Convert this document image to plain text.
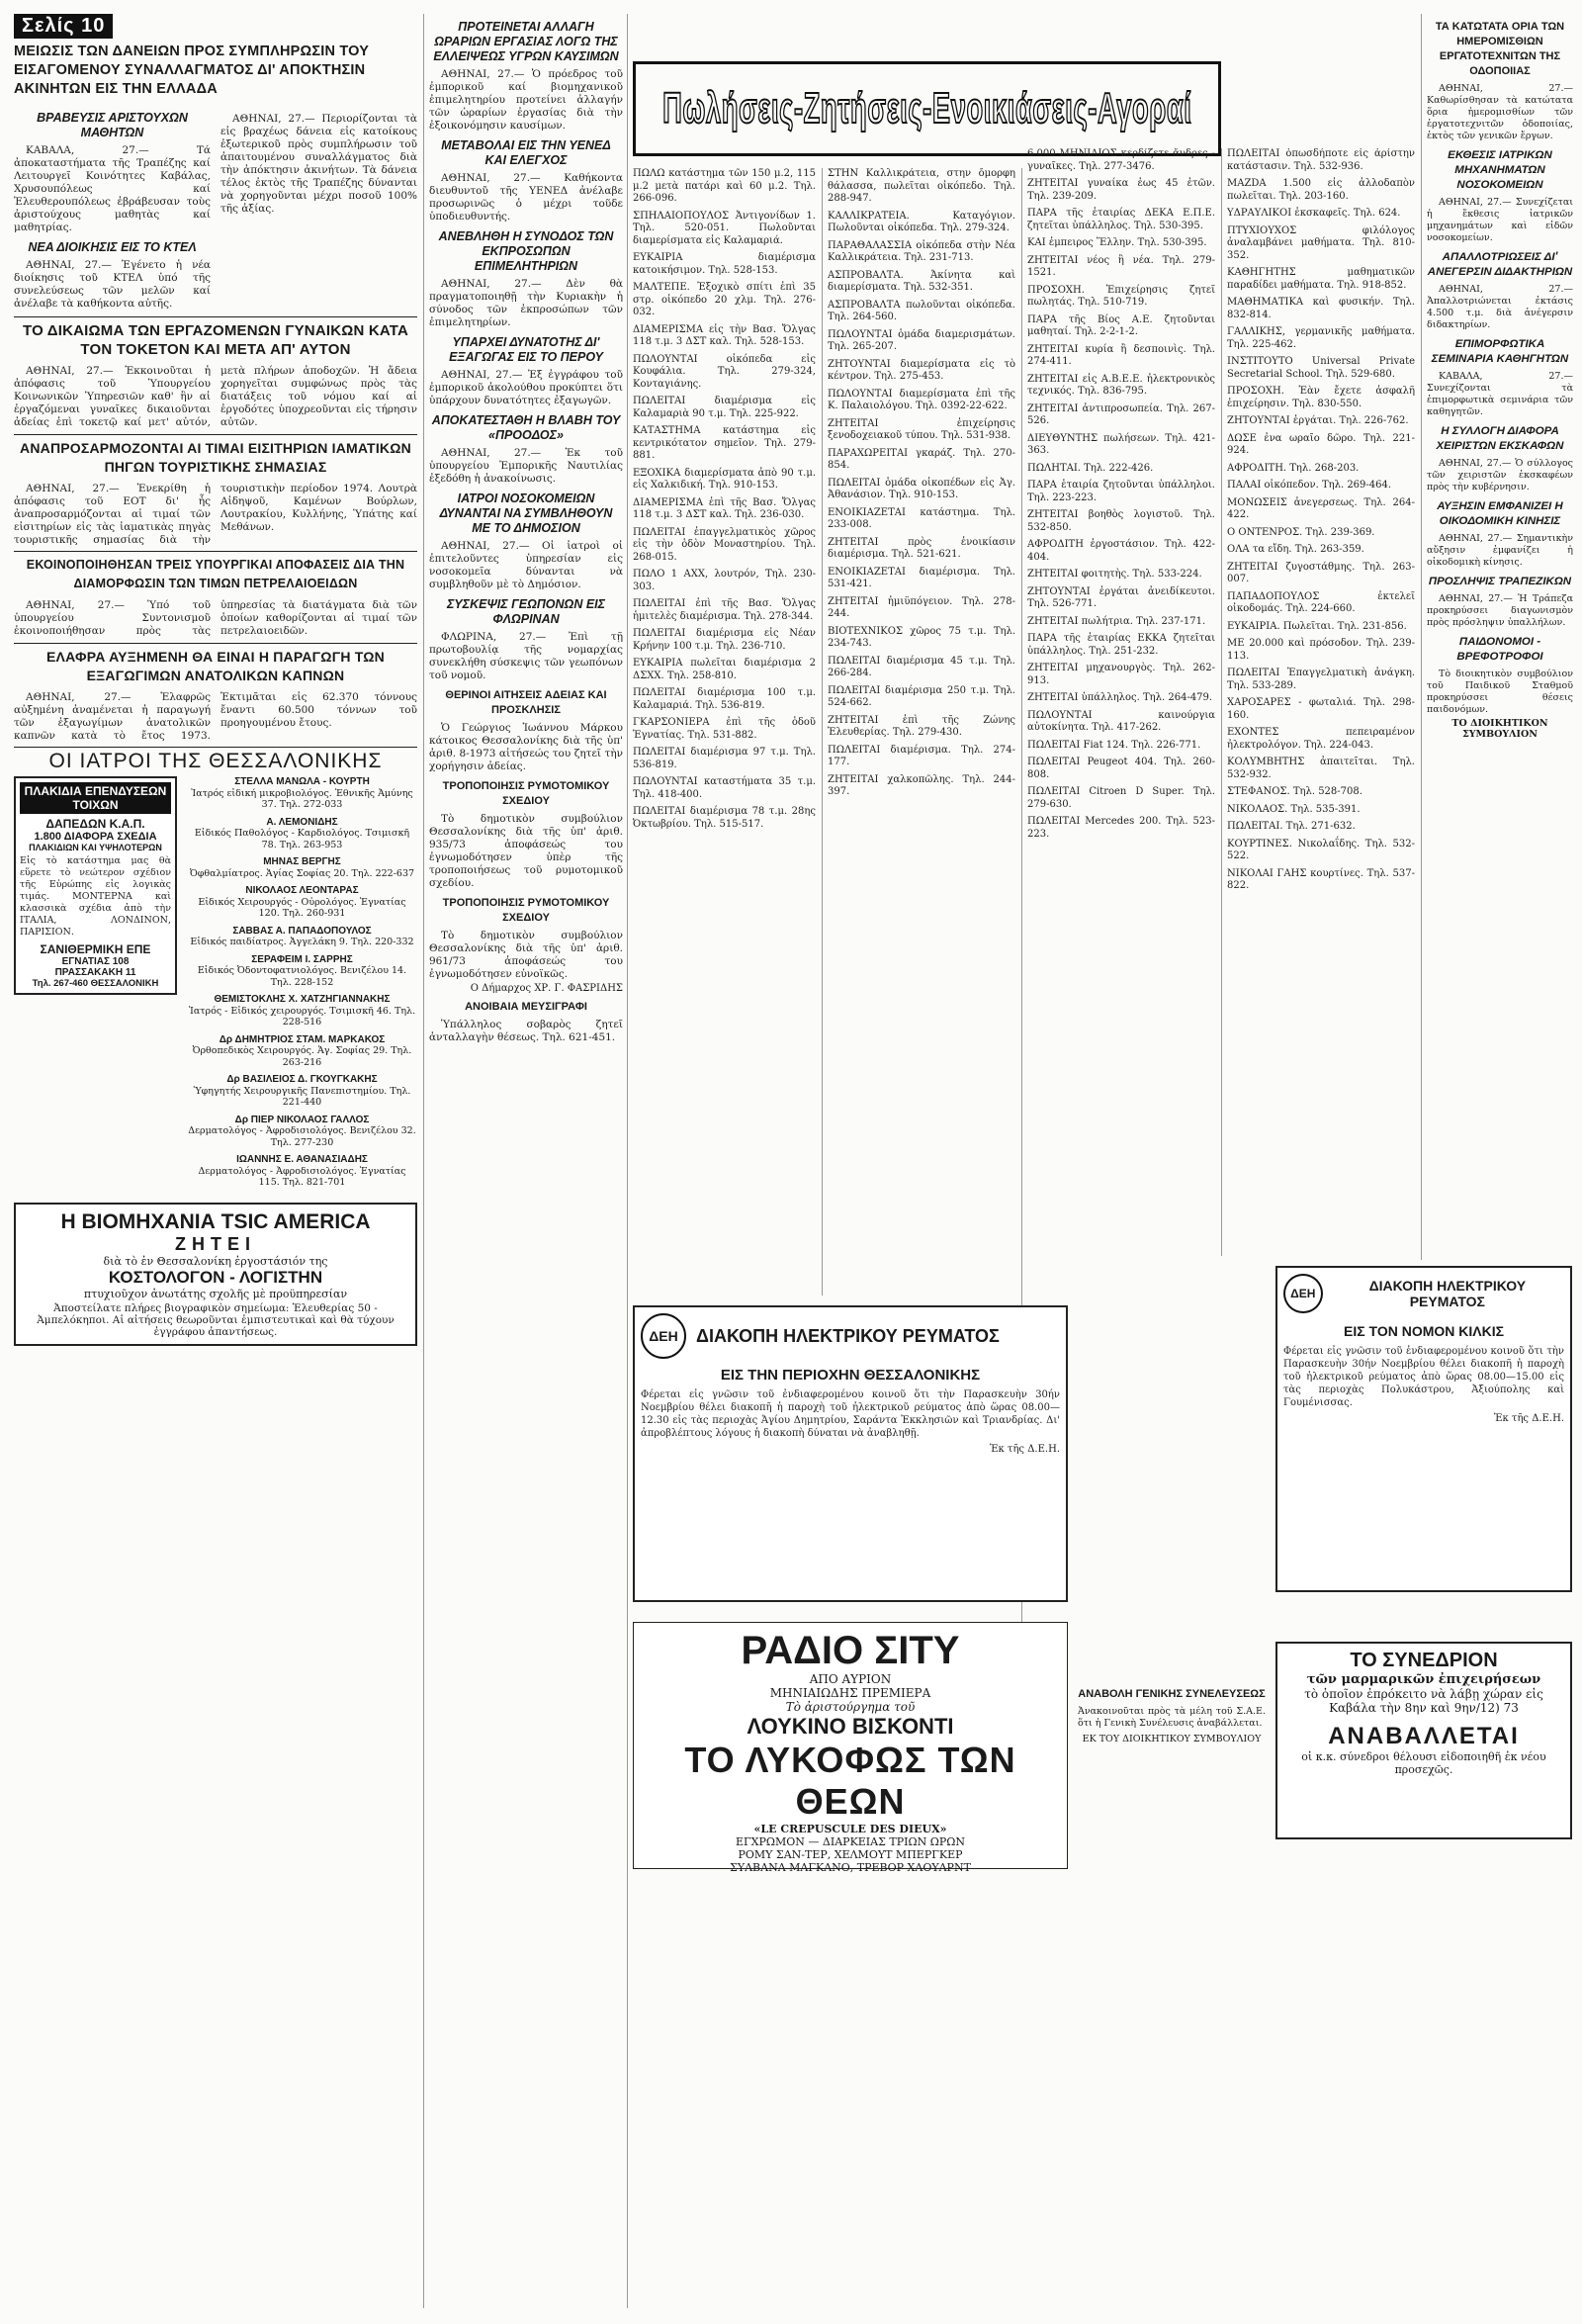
Σελίς 10
ΜΕΙΩΣΙΣ ΤΩΝ ΔΑΝΕΙΩΝ ΠΡΟΣ ΣΥΜΠΛΗΡΩΣΙΝ ΤΟΥ ΕΙΣΑΓΟΜΕΝΟΥ ΣΥΝΑΛΛΑΓΜΑΤΟΣ ΔΙ' ΑΠΟΚΤΗΣΙΝ ΑΚΙΝΗΤΩΝ ΕΙΣ ΤΗΝ ΕΛΛΑΔΑ
ΒΡΑΒΕΥΣΙΣ ΑΡΙΣΤΟΥΧΩΝ ΜΑΘΗΤΩΝ

ΚΑΒΑΛΑ, 27.— Τά ἀποκαταστήματα τῆς Τραπέζης καί Λειτουργεῖ Κοινότητες Καβάλας, Χρυσουπόλεως καί Ἐλευθερουπόλεως ἐβράβευσαν τοὺς ἀριστούχους μαθητὰς καί μαθητρίας.

ΝΕΑ ΔΙΟΙΚΗΣΙΣ ΕΙΣ ΤΟ ΚΤΕΛ

ΑΘΗΝΑΙ, 27.— Ἐγένετο ἡ νέα διοίκησις τοῦ ΚΤΕΛ ὑπό τῆς συνελεύσεως τῶν μελῶν καί ἀνέλαβε τὰ καθήκοντα αὐτῆς.

ΑΘΗΝΑΙ, 27.— Περιορίζονται τὰ εἰς βραχέως δάνεια εἰς κατοίκους ἐξωτερικοῦ πρὸς συμπλήρωσιν τοῦ ἀπαιτουμένου συναλλάγματος διὰ τὴν ἀπόκτησιν ἀκινήτων. Τὰ δάνεια τέλος ἐκτὸς τῆς Τραπέζης δύνανται νὰ χορηγοῦνται μέχρι ποσοῦ 100% τῆς ἀξίας.

ΤΟ ΔΙΚΑΙΩΜΑ ΤΩΝ ΕΡΓΑΖΟΜΕΝΩΝ ΓΥΝΑΙΚΩΝ ΚΑΤΑ ΤΟΝ ΤΟΚΕΤΟΝ ΚΑΙ ΜΕΤΑ ΑΠ' ΑΥΤΟΝ

ΑΘΗΝΑΙ, 27.— Ἐκκοινοῦται ἡ ἀπόφασις τοῦ Ὑπουργείου Κοινωνικῶν Ὑπηρεσιῶν καθ' ἣν αἱ ἐργαζόμεναι γυναῖκες δικαιοῦνται ἀδείας ἐπὶ τοκετῷ καί μετ' αὐτόν, μετὰ πλήρων ἀποδοχῶν. Ἡ ἄδεια χορηγεῖται συμφώνως πρὸς τὰς διατάξεις τοῦ νόμου καί αἱ ἐργοδότες ὑποχρεοῦνται εἰς τήρησιν αὐτῶν.

ΑΝΑΠΡΟΣΑΡΜΟΖΟΝΤΑΙ ΑΙ ΤΙΜΑΙ ΕΙΣΙΤΗΡΙΩΝ ΙΑΜΑΤΙΚΩΝ ΠΗΓΩΝ ΤΟΥΡΙΣΤΙΚΗΣ ΣΗΜΑΣΙΑΣ

ΑΘΗΝΑΙ, 27.— Ἐνεκρίθη ἡ ἀπόφασις τοῦ ΕΟΤ δι' ἧς ἀναπροσαρμόζονται αἱ τιμαί τῶν εἰσιτηρίων εἰς τὰς ἰαματικὰς πηγὰς τουριστικῆς σημασίας διὰ τὴν τουριστικὴν περίοδον 1974. Λουτρὰ Αἰδηψοῦ, Καμένων Βούρλων, Λουτρακίου, Κυλλήνης, Ὑπάτης καί Μεθάνων.

ΕΚΟΙΝΟΠΟΙΗΘΗΣΑΝ ΤΡΕΙΣ ΥΠΟΥΡΓΙΚΑΙ ΑΠΟΦΑΣΕΙΣ ΔΙΑ ΤΗΝ ΔΙΑΜΟΡΦΩΣΙΝ ΤΩΝ ΤΙΜΩΝ ΠΕΤΡΕΛΑΙΟΕΙΔΩΝ

ΑΘΗΝΑΙ, 27.— Ὑπό τοῦ ὑπουργείου Συντονισμοῦ ἐκοινοποιήθησαν πρὸς τὰς ὑπηρεσίας τὰ διατάγματα διὰ τῶν ὁποίων καθορίζονται αἱ τιμαί τῶν πετρελαιοειδῶν.

ΕΛΑΦΡΑ ΑΥΞΗΜΕΝΗ ΘΑ ΕΙΝΑΙ Η ΠΑΡΑΓΩΓΗ ΤΩΝ ΕΞΑΓΩΓΙΜΩΝ ΑΝΑΤΟΛΙΚΩΝ ΚΑΠΝΩΝ

ΑΘΗΝΑΙ, 27.— Ἐλαφρῶς αὐξημένη ἀναμένεται ἡ παραγωγή τῶν ἐξαγωγίμων ἀνατολικῶν καπνῶν κατὰ τὸ ἔτος 1973. Ἐκτιμᾶται εἰς 62.370 τόννους ἔναντι 60.500 τόννων τοῦ προηγουμένου ἔτους.

ΟΙ ΙΑΤΡΟΙ ΤΗΣ ΘΕΣΣΑΛΟΝΙΚΗΣ
ΠΛΑΚΙΔΙΑ ΕΠΕΝΔΥΣΕΩΝ ΤΟΙΧΩΝ
ΔΑΠΕΔΩΝ Κ.Α.Π.
1.800 ΔΙΑΦΟΡΑ ΣΧΕΔΙΑ
ΠΛΑΚΙΔΙΩΝ ΚΑΙ ΥΨΗΛΟΤΕΡΩΝ
Εἰς τὸ κατάστημα μας θὰ εὕρετε τὸ νεώτερον σχέδιον τῆς Εὐρώπης εἰς λογικὰς τιμάς. ΜΟΝΤΕΡΝΑ καὶ κλασσικὰ σχέδια ἀπὸ τὴν ΙΤΑΛΙΑ, ΛΟΝΔΙΝΟΝ, ΠΑΡΙΣΙΟΝ.
ΣΑΝΙΘΕΡΜΙΚΗ ΕΠΕ
ΕΓΝΑΤΙΑΣ 108
ΠΡΑΣΣΑΚΑΚΗ 11
Τηλ. 267-460 ΘΕΣΣΑΛΟΝΙΚΗ
ΣΤΕΛΛΑ ΜΑΝΩΛΑ - ΚΟΥΡΤΗ
Ἰατρός εἰδική μικροβιολόγος. Ἐθνικῆς Ἀμύνης 37. Τηλ. 272-033
Α. ΛΕΜΟΝΙΔΗΣ
Εἰδικός Παθολόγος - Καρδιολόγος. Τσιμισκῆ 78. Τηλ. 263-953
ΜΗΝΑΣ ΒΕΡΓΗΣ
Ὀφθαλμίατρος. Ἁγίας Σοφίας 20. Τηλ. 222-637
ΝΙΚΟΛΑΟΣ ΛΕΟΝΤΑΡΑΣ
Εἰδικός Χειρουργός - Οὐρολόγος. Ἐγνατίας 120. Τηλ. 260-931
ΣΑΒΒΑΣ Α. ΠΑΠΑΔΟΠΟΥΛΟΣ
Εἰδικός παιδίατρος. Ἀγγελάκη 9. Τηλ. 220-332
ΣΕΡΑΦΕΙΜ Ι. ΣΑΡΡΗΣ
Εἰδικός Ὀδοντοφατνιολόγος. Βενιζέλου 14. Τηλ. 228-152
ΘΕΜΙΣΤΟΚΛΗΣ Χ. ΧΑΤΖΗΓΙΑΝΝΑΚΗΣ
Ἰατρός - Εἰδικός χειρουργός. Τσιμισκῆ 46. Τηλ. 228-516
Δρ ΔΗΜΗΤΡΙΟΣ ΣΤΑΜ. ΜΑΡΚΑΚΟΣ
Ὀρθοπεδικὸς Χειρουργός. Ἁγ. Σοφίας 29. Τηλ. 263-216
Δρ ΒΑΣΙΛΕΙΟΣ Δ. ΓΚΟΥΓΚΑΚΗΣ
Ὑφηγητής Χειρουργικῆς Πανεπιστημίου. Τηλ. 221-440
Δρ ΠΙΕΡ ΝΙΚΟΛΑΟΣ ΓΑΛΛΟΣ
Δερματολόγος - Ἀφροδισιολόγος. Βενιζέλου 32. Τηλ. 277-230
ΙΩΑΝΝΗΣ Ε. ΑΘΑΝΑΣΙΑΔΗΣ
Δερματολόγος - Ἀφροδισιολόγος. Ἐγνατίας 115. Τηλ. 821-701
Η ΒΙΟΜΗΧΑΝΙΑ TSIC AMERICA
ΖΗΤΕΙ
διὰ τὸ ἐν Θεσσαλονίκη ἐργοστάσιόν της
ΚΟΣΤΟΛΟΓΟΝ - ΛΟΓΙΣΤΗΝ
πτυχιοῦχον ἀνωτάτης σχολῆς μὲ προϋπηρεσίαν
Ἀποστείλατε πλήρες βιογραφικὸν σημείωμα: Ἐλευθερίας 50 - Ἀμπελόκηποι. Αἱ αἰτήσεις θεωροῦνται ἐμπιστευτικαὶ καὶ θὰ τύχουν ἐγγράφου ἀπαντήσεως.
ΠΡΟΤΕΙΝΕΤΑΙ ΑΛΛΑΓΗ ΩΡΑΡΙΩΝ ΕΡΓΑΣΙΑΣ ΛΟΓΩ ΤΗΣ ΕΛΛΕΙΨΕΩΣ ΥΓΡΩΝ ΚΑΥΣΙΜΩΝ

ΑΘΗΝΑΙ, 27.— Ὁ πρόεδρος τοῦ ἐμπορικοῦ καί βιομηχανικοῦ ἐπιμελητηρίου προτείνει ἀλλαγήν τῶν ὡραρίων ἐργασίας διὰ τὴν ἐξοικονόμησιν καυσίμων.

ΜΕΤΑΒΟΛΑΙ ΕΙΣ ΤΗΝ ΥΕΝΕΔ ΚΑΙ ΕΛΕΓΧΟΣ

ΑΘΗΝΑΙ, 27.— Καθήκοντα διευθυντοῦ τῆς ΥΕΝΕΔ ἀνέλαβε προσωρινῶς ὁ μέχρι τοῦδε ὑποδιευθυντής.

ΑΝΕΒΛΗΘΗ Η ΣΥΝΟΔΟΣ ΤΩΝ ΕΚΠΡΟΣΩΠΩΝ ΕΠΙΜΕΛΗΤΗΡΙΩΝ

ΑΘΗΝΑΙ, 27.— Δὲν θὰ πραγματοποιηθῇ τὴν Κυριακὴν ἡ σύνοδος τῶν ἐκπροσώπων τῶν ἐπιμελητηρίων.

ΥΠΑΡΧΕΙ ΔΥΝΑΤΟΤΗΣ ΔΙ' ΕΞΑΓΩΓΑΣ ΕΙΣ ΤΟ ΠΕΡΟΥ

ΑΘΗΝΑΙ, 27.— Ἐξ ἐγγράφου τοῦ ἐμπορικοῦ ἀκολούθου προκύπτει ὅτι ὑπάρχουν δυνατότητες ἐξαγωγῶν.

ΑΠΟΚΑΤΕΣΤΑΘΗ Η ΒΛΑΒΗ ΤΟΥ «ΠΡΟΟΔΟΣ»

ΑΘΗΝΑΙ, 27.— Ἐκ τοῦ ὑπουργείου Ἐμπορικῆς Ναυτιλίας ἐξεδόθη ἡ ἀνακοίνωσις.

ΙΑΤΡΟΙ ΝΟΣΟΚΟΜΕΙΩΝ ΔΥΝΑΝΤΑΙ ΝΑ ΣΥΜΒΛΗΘΟΥΝ ΜΕ ΤΟ ΔΗΜΟΣΙΟΝ

ΑΘΗΝΑΙ, 27.— Οἱ ἰατροὶ οἱ ἐπιτελοῦντες ὑπηρεσίαν εἰς νοσοκομεῖα δύνανται νὰ συμβληθοῦν μὲ τὸ Δημόσιον.

ΣΥΣΚΕΨΙΣ ΓΕΩΠΟΝΩΝ ΕΙΣ ΦΛΩΡΙΝΑΝ

ΦΛΩΡΙΝΑ, 27.— Ἐπὶ τῇ πρωτοβουλίᾳ τῆς νομαρχίας συνεκλήθη σύσκεψις τῶν γεωπόνων τοῦ νομοῦ.

ΘΕΡΙΝΟΙ ΑΙΤΗΣΕΙΣ ΑΔΕΙΑΣ ΚΑΙ ΠΡΟΣΚΛΗΣΙΣ

Ὁ Γεώργιος Ἰωάννου Μάρκου κάτοικος Θεσσαλονίκης διὰ τῆς ὑπ' ἀριθ. 8-1973 αἰτήσεώς του ζητεῖ τὴν χορήγησιν ἀδείας.

ΤΡΟΠΟΠΟΙΗΣΙΣ ΡΥΜΟΤΟΜΙΚΟΥ ΣΧΕΔΙΟΥ

Τὸ δημοτικὸν συμβούλιον Θεσσαλονίκης διὰ τῆς ὑπ' ἀριθ. 935/73 ἀποφάσεώς του ἐγνωμοδότησεν ὑπὲρ τῆς τροποποιήσεως τοῦ ρυμοτομικοῦ σχεδίου.

ΤΡΟΠΟΠΟΙΗΣΙΣ ΡΥΜΟΤΟΜΙΚΟΥ ΣΧΕΔΙΟΥ

Τὸ δημοτικὸν συμβούλιον Θεσσαλονίκης διὰ τῆς ὑπ' ἀριθ. 961/73 ἀποφάσεώς του ἐγνωμοδότησεν εὐνοϊκῶς.

Ο Δήμαρχος ΧΡ. Γ. ΦΑΣΡΙΔΗΣ
ΑΝΟΙΒΑΙΑ ΜΕΥΣΙΓΡΑΦΙ

Ὑπάλληλος σοβαρὸς ζητεῖ ἀνταλλαγὴν θέσεως. Τηλ. 621-451.

Πωλήσεις-Ζητήσεις-Ενοικιάσεις-Αγοραί
ΠΩΛΩ κατάστημα τῶν 150 μ.2, 115 μ.2 μετὰ πατάρι καὶ 60 μ.2. Τηλ. 266-096.
ΣΠΗΛΑΙΟΠΟΥΛΟΣ Ἀντιγονίδων 1. Τηλ. 520-051. Πωλοῦνται διαμερίσματα εἰς Καλαμαριά.
ΕΥΚΑΙΡΙΑ διαμέρισμα κατοικήσιμον. Τηλ. 528-153.
ΜΑΛΤΕΠΕ. Ἐξοχικὸ σπίτι ἐπὶ 35 στρ. οἰκόπεδο 20 χλμ. Τηλ. 276-032.
ΔΙΑΜΕΡΙΣΜΑ εἰς τὴν Βασ. Ὄλγας 118 τ.μ. 3 ΔΣΤ καλ. Τηλ. 528-153.
ΠΩΛΟΥΝΤΑΙ οἰκόπεδα εἰς Κουφάλια. Τηλ. 279-324, Κονταγιάνης.
ΠΩΛΕΙΤΑΙ διαμέρισμα εἰς Καλαμαριὰ 90 τ.μ. Τηλ. 225-922.
ΚΑΤΑΣΤΗΜΑ κατάστημα εἰς κεντρικότατον σημεῖον. Τηλ. 279-881.
ΕΞΟΧΙΚΑ διαμερίσματα ἀπὸ 90 τ.μ. εἰς Χαλκιδική. Τηλ. 910-153.
ΔΙΑΜΕΡΙΣΜΑ ἐπὶ τῆς Βασ. Ὄλγας 118 τ.μ. 3 ΔΣΤ καλ. Τηλ. 236-030.
ΠΩΛΕΙΤΑΙ ἐπαγγελματικὸς χῶρος εἰς τὴν ὁδὸν Μοναστηρίου. Τηλ. 268-015.
ΠΩΛΟ 1 ΑΧΧ, λουτρόν, Τηλ. 230-303.
ΠΩΛΕΙΤΑΙ ἐπὶ τῆς Βασ. Ὄλγας ἡμιτελὲς διαμέρισμα. Τηλ. 278-344.
ΠΩΛΕΙΤΑΙ διαμέρισμα εἰς Νέαν Κρήνην 100 τ.μ. Τηλ. 236-710.
ΕΥΚΑΙΡΙΑ πωλεῖται διαμέρισμα 2 ΔΣΧΧ. Τηλ. 258-810.
ΠΩΛΕΙΤΑΙ διαμέρισμα 100 τ.μ. Καλαμαριά. Τηλ. 536-819.
ΓΚΑΡΣΟΝΙΕΡΑ ἐπὶ τῆς ὁδοῦ Ἐγνατίας. Τηλ. 531-882.
ΠΩΛΕΙΤΑΙ διαμέρισμα 97 τ.μ. Τηλ. 536-819.
ΠΩΛΟΥΝΤΑΙ καταστήματα 35 τ.μ. Τηλ. 418-400.
ΠΩΛΕΙΤΑΙ διαμέρισμα 78 τ.μ. 28ης Ὀκτωβρίου. Τηλ. 515-517.
ΣΤΗΝ Καλλικράτεια, στην ὄμορφη θάλασσα, πωλεῖται οἰκόπεδο. Τηλ. 288-947.
ΚΑΛΛΙΚΡΑΤΕΙΑ. Καταγόγιον. Πωλοῦνται οἰκόπεδα. Τηλ. 279-324.
ΠΑΡΑΘΑΛΑΣΣΙΑ οἰκόπεδα στὴν Νέα Καλλικράτεια. Τηλ. 231-713.
ΑΣΠΡΟΒΑΛΤΑ. Ἀκίνητα καὶ διαμερίσματα. Τηλ. 532-351.
ΑΣΠΡΟΒΑΛΤΑ πωλοῦνται οἰκόπεδα. Τηλ. 264-560.
ΠΩΛΟΥΝΤΑΙ ὁμάδα διαμερισμάτων. Τηλ. 265-207.
ΖΗΤΟΥΝΤΑΙ διαμερίσματα εἰς τὸ κέντρον. Τηλ. 275-453.
ΠΩΛΟΥΝΤΑΙ διαμερίσματα ἐπὶ τῆς Κ. Παλαιολόγου. Τηλ. 0392-22-622.
ΖΗΤΕΙΤΑΙ ἐπιχείρησις ξενοδοχειακοῦ τύπου. Τηλ. 531-938.
ΠΑΡΑΧΩΡΕΙΤΑΙ γκαράζ. Τηλ. 270-854.
ΠΩΛΕΙΤΑΙ ὁμάδα οἰκοπέδων εἰς Ἀγ. Ἀθανάσιον. Τηλ. 910-153.
ΕΝΟΙΚΙΑΖΕΤΑΙ κατάστημα. Τηλ. 233-008.
ΖΗΤΕΙΤΑΙ πρὸς ἐνοικίασιν διαμέρισμα. Τηλ. 521-621.
ΕΝΟΙΚΙΑΖΕΤΑΙ διαμέρισμα. Τηλ. 531-421.
ΖΗΤΕΙΤΑΙ ἡμιϋπόγειον. Τηλ. 278-244.
ΒΙΟΤΕΧΝΙΚΟΣ χῶρος 75 τ.μ. Τηλ. 234-743.
ΠΩΛΕΙΤΑΙ διαμέρισμα 45 τ.μ. Τηλ. 266-284.
ΠΩΛΕΙΤΑΙ διαμέρισμα 250 τ.μ. Τηλ. 524-662.
ΖΗΤΕΙΤΑΙ ἐπὶ τῆς Ζώνης Ἐλευθερίας. Τηλ. 279-430.
ΠΩΛΕΙΤΑΙ διαμέρισμα. Τηλ. 274-177.
ΖΗΤΕΙΤΑΙ χαλκοπῶλης. Τηλ. 244-397.
6.000 ΜΗΝΙΑΙΟΣ κερδίζετε ἄνδρες - γυναῖκες. Τηλ. 277-3476.
ΖΗΤΕΙΤΑΙ γυναίκα ἐως 45 ἐτῶν. Τηλ. 239-209.
ΠΑΡΑ τῆς ἑταιρίας ΔΕΚΑ Ε.Π.Ε. ζητεῖται ὑπάλληλος. Τηλ. 530-395.
ΚΑΙ ἐμπειρος Ἕλλην. Τηλ. 530-395.
ΖΗΤΕΙΤΑΙ νέος ἢ νέα. Τηλ. 279-1521.
ΠΡΟΣΟΧΗ. Ἐπιχείρησις ζητεῖ πωλητάς. Τηλ. 510-719.
ΠΑΡΑ τῆς Βίος Α.Ε. ζητοῦνται μαθηταί. Τηλ. 2-2-1-2.
ΖΗΤΕΙΤΑΙ κυρία ἢ δεσποινὶς. Τηλ. 274-411.
ΖΗΤΕΙΤΑΙ εἰς Α.Β.Ε.Ε. ἠλεκτρονικὸς τεχνικός. Τηλ. 836-795.
ΖΗΤΕΙΤΑΙ ἀντιπροσωπεία. Τηλ. 267-526.
ΔΙΕΥΘΥΝΤΗΣ πωλήσεων. Τηλ. 421-363.
ΠΩΛΗΤΑΙ. Τηλ. 222-426.
ΠΑΡΑ ἑταιρία ζητοῦνται ὑπάλληλοι. Τηλ. 223-223.
ΖΗΤΕΙΤΑΙ βοηθὸς λογιστοῦ. Τηλ. 532-850.
ΑΦΡΟΔΙΤΗ ἐργοστάσιον. Τηλ. 422-404.
ΖΗΤΕΙΤΑΙ φοιτητὴς. Τηλ. 533-224.
ΖΗΤΟΥΝΤΑΙ ἐργάται ἀνειδίκευτοι. Τηλ. 526-771.
ΖΗΤΕΙΤΑΙ πωλήτρια. Τηλ. 237-171.
ΠΑΡΑ τῆς ἑταιρίας ΕΚΚΑ ζητεῖται ὑπάλληλος. Τηλ. 251-232.
ΖΗΤΕΙΤΑΙ μηχανουργὸς. Τηλ. 262-913.
ΖΗΤΕΙΤΑΙ ὑπάλληλος. Τηλ. 264-479.
ΠΩΛΟΥΝΤΑΙ καινούργια αὐτοκίνητα. Τηλ. 417-262.
ΠΩΛΕΙΤΑΙ Fiat 124. Τηλ. 226-771.
ΠΩΛΕΙΤΑΙ Peugeot 404. Τηλ. 260-808.
ΠΩΛΕΙΤΑΙ Citroen D Super. Τηλ. 279-630.
ΠΩΛΕΙΤΑΙ Mercedes 200. Τηλ. 523-223.
ΠΩΛΕΙΤΑΙ ὁπωσδήποτε εἰς ἀρίστην κατάστασιν. Τηλ. 532-936.
MAZDA 1.500 εἰς ἀλλοδαπὸν πωλεῖται. Τηλ. 203-160.
ΥΔΡΑΥΛΙΚΟΙ ἐκσκαφεῖς. Τηλ. 624.
ΠΤΥΧΙΟΥΧΟΣ φιλόλογος ἀναλαμβάνει μαθήματα. Τηλ. 810-352.
ΚΑΘΗΓΗΤΗΣ μαθηματικῶν παραδίδει μαθήματα. Τηλ. 918-852.
ΜΑΘΗΜΑΤΙΚΑ καὶ φυσικήν. Τηλ. 832-814.
ΓΑΛΛΙΚΗΣ, γερμανικῆς μαθήματα. Τηλ. 225-462.
ΙΝΣΤΙΤΟΥΤΟ Universal Private Secretarial School. Τηλ. 529-680.
ΠΡΟΣΟΧΗ. Ἐὰν ἔχετε ἀσφαλῆ ἐπιχείρησιν. Τηλ. 830-550.
ΖΗΤΟΥΝΤΑΙ ἐργάται. Τηλ. 226-762.
ΔΩΣΕ ἐνα ωραῖο δῶρο. Τηλ. 221-924.
ΑΦΡΟΔΙΤΗ. Τηλ. 268-203.
ΠΑΛΑΙ οἰκόπεδον. Τηλ. 269-464.
ΜΟΝΩΣΕΙΣ ἀνεγερσεως. Τηλ. 264-422.
Ο ΟΝΤΕΝΡΟΣ. Τηλ. 239-369.
ΟΛΑ τα εἴδη. Τηλ. 263-359.
ΖΗΤΕΙΤΑΙ ζυγοστάθμης. Τηλ. 263-007.
ΠΑΠΑΔΟΠΟΥΛΟΣ ἐκτελεῖ οἰκοδομάς. Τηλ. 224-660.
ΕΥΚΑΙΡΙΑ. Πωλεῖται. Τηλ. 231-856.
ΜΕ 20.000 καὶ πρόσοδον. Τηλ. 239-113.
ΠΩΛΕΙΤΑΙ Ἐπαγγελματικὴ ἀνάγκη. Τηλ. 533-289.
ΧΑΡΟΣΑΡΕΣ - φωταλιά. Τηλ. 298-160.
ΕΧΟΝΤΕΣ πεπειραμένον ἠλεκτρολόγον. Τηλ. 224-043.
ΚΟΛΥΜΒΗΤΗΣ ἀπαιτεῖται. Τηλ. 532-932.
ΣΤΕΦΑΝΟΣ. Τηλ. 528-708.
ΝΙΚΟΛΑΟΣ. Τηλ. 535-391.
ΠΩΛΕΙΤΑΙ. Τηλ. 271-632.
ΚΟΥΡΤΙΝΕΣ. Νικολαΐδης. Τηλ. 532-522.
ΝΙΚΟΛΑΙ ΓΑΗΣ κουρτίνες. Τηλ. 537-822.
ΤΑ ΚΑΤΩΤΑΤΑ ΟΡΙΑ ΤΩΝ ΗΜΕΡΟΜΙΣΘΙΩΝ ΕΡΓΑΤΟΤΕΧΝΙΤΩΝ ΤΗΣ ΟΔΟΠΟΙΙΑΣ

ΑΘΗΝΑΙ, 27.— Καθωρίσθησαν τὰ κατώτατα ὅρια ἡμερομισθίων τῶν ἐργατοτεχνιτῶν ὁδοποιίας, ἐκτὸς τῶν γενικῶν ἔργων.

ΕΚΘΕΣΙΣ ΙΑΤΡΙΚΩΝ ΜΗΧΑΝΗΜΑΤΩΝ ΝΟΣΟΚΟΜΕΙΩΝ

ΑΘΗΝΑΙ, 27.— Συνεχίζεται ἡ ἔκθεσις ἰατρικῶν μηχανημάτων καὶ εἰδῶν νοσοκομείων.

ΑΠΑΛΛΟΤΡΙΩΣΕΙΣ ΔΙ' ΑΝΕΓΕΡΣΙΝ ΔΙΔΑΚΤΗΡΙΩΝ

ΑΘΗΝΑΙ, 27.— Ἀπαλλοτριώνεται ἐκτάσις 4.500 τ.μ. διὰ ἀνέγερσιν διδακτηρίων.

ΕΠΙΜΟΡΦΩΤΙΚΑ ΣΕΜΙΝΑΡΙΑ ΚΑΘΗΓΗΤΩΝ

ΚΑΒΑΛΑ, 27.— Συνεχίζονται τὰ ἐπιμορφωτικὰ σεμινάρια τῶν καθηγητῶν.

Η ΣΥΛΛΟΓΗ ΔΙΑΦΟΡΑ ΧΕΙΡΙΣΤΩΝ ΕΚΣΚΑΦΩΝ

ΑΘΗΝΑΙ, 27.— Ὁ σύλλογος τῶν χειριστῶν ἐκσκαφέων πρὸς τὴν κυβέρνησιν.

ΑΥΞΗΣΙΝ ΕΜΦΑΝΙΖΕΙ Η ΟΙΚΟΔΟΜΙΚΗ ΚΙΝΗΣΙΣ

ΑΘΗΝΑΙ, 27.— Σημαντικὴν αὔξησιν ἐμφανίζει ἡ οἰκοδομικὴ κίνησις.

ΠΡΟΣΛΗΨΙΣ ΤΡΑΠΕΖΙΚΩΝ

ΑΘΗΝΑΙ, 27.— Ἡ Τράπεζα προκηρύσσει διαγωνισμὸν πρὸς πρόσληψιν ὑπαλλήλων.

ΠΑΙΔΟΝΟΜΟΙ - ΒΡΕΦΟΤΡΟΦΟΙ

Τὸ διοικητικὸν συμβούλιον τοῦ Παιδικοῦ Σταθμοῦ προκηρύσσει θέσεις παιδονόμων.

ΤΟ ΔΙΟΙΚΗΤΙΚΟΝ ΣΥΜΒΟΥΛΙΟΝ
ΔΕΗ	ΔΙΑΚΟΠΗ ΗΛΕΚΤΡΙΚΟΥ ΡΕΥΜΑΤΟΣ
ΕΙΣ ΤΗΝ ΠΕΡΙΟΧΗΝ ΘΕΣΣΑΛΟΝΙΚΗΣ
Φέρεται εἰς γνῶσιν τοῦ ἐνδιαφερομένου κοινοῦ ὅτι τὴν Παρασκευὴν 30ήν Νοεμβρίου θέλει διακοπῆ ἡ παροχὴ τοῦ ἠλεκτρικοῦ ρεύματος ἀπὸ ὥρας 08.00—12.30 εἰς τὰς περιοχὰς Ἀγίου Δημητρίου, Σαράντα Ἐκκλησιῶν καὶ Τριανδρίας. Δι' ἀπροβλέπτους λόγους ἡ διακοπὴ δύναται νὰ ἀναβληθῇ.
Ἐκ τῆς Δ.Ε.Η.
ΡΑΔΙΟ ΣΙΤΥ
ΑΠΟ ΑΥΡΙΟΝ
ΜΗΝΙΑΙΩΔΗΣ ΠΡΕΜΙΕΡΑ
Τὸ ἀριστούργημα τοῦ
ΛΟΥΚΙΝΟ ΒΙΣΚΟΝΤΙ
ΤΟ ΛΥΚΟΦΩΣ ΤΩΝ ΘΕΩΝ
«LE CREPUSCULE DES DIEUX»
ΕΓΧΡΩΜΟΝ — ΔΙΑΡΚΕΙΑΣ ΤΡΙΩΝ ΩΡΩΝ
ΡΟΜΥ ΣΑΝ-ΤΕΡ, ΧΕΛΜΟΥΤ ΜΠΕΡΓΚΕΡ
ΣΥΛΒΑΝΑ ΜΑΓΚΑΝΟ, ΤΡΕΒΟΡ ΧΑΟΥΑΡΝΤ
ΑΝΑΒΟΛΗ ΓΕΝΙΚΗΣ ΣΥΝΕΛΕΥΣΕΩΣ
Ἀνακοινοῦται πρὸς τὰ μέλη τοῦ Σ.Α.Ε. ὅτι ἡ Γενικὴ Συνέλευσις ἀναβάλλεται.
ΕΚ ΤΟΥ ΔΙΟΙΚΗΤΙΚΟΥ ΣΥΜΒΟΥΛΙΟΥ
ΔΕΗ	ΔΙΑΚΟΠΗ ΗΛΕΚΤΡΙΚΟΥ ΡΕΥΜΑΤΟΣ
ΕΙΣ ΤΟΝ ΝΟΜΟΝ ΚΙΛΚΙΣ
Φέρεται εἰς γνῶσιν τοῦ ἐνδιαφερομένου κοινοῦ ὅτι τὴν Παρασκευὴν 30ήν Νοεμβρίου θέλει διακοπῆ ἡ παροχὴ τοῦ ἠλεκτρικοῦ ρεύματος ἀπὸ ὥρας 08.00—15.00 εἰς τὰς περιοχὰς Πολυκάστρου, Ἀξιούπολης καὶ Γουμένισσας.
Ἐκ τῆς Δ.Ε.Η.
ΤΟ ΣΥΝΕΔΡΙΟΝ
τῶν μαρμαρικῶν ἐπιχειρήσεων
τὸ ὁποῖον ἐπρόκειτο νὰ λάβῃ χώραν εἰς Καβάλα τὴν 8ην καὶ 9ην/12) 73
ΑΝΑΒΑΛΛΕΤΑΙ
οἱ κ.κ. σύνεδροι θέλουσι εἰδοποιηθῆ ἐκ νέου προσεχῶς.
